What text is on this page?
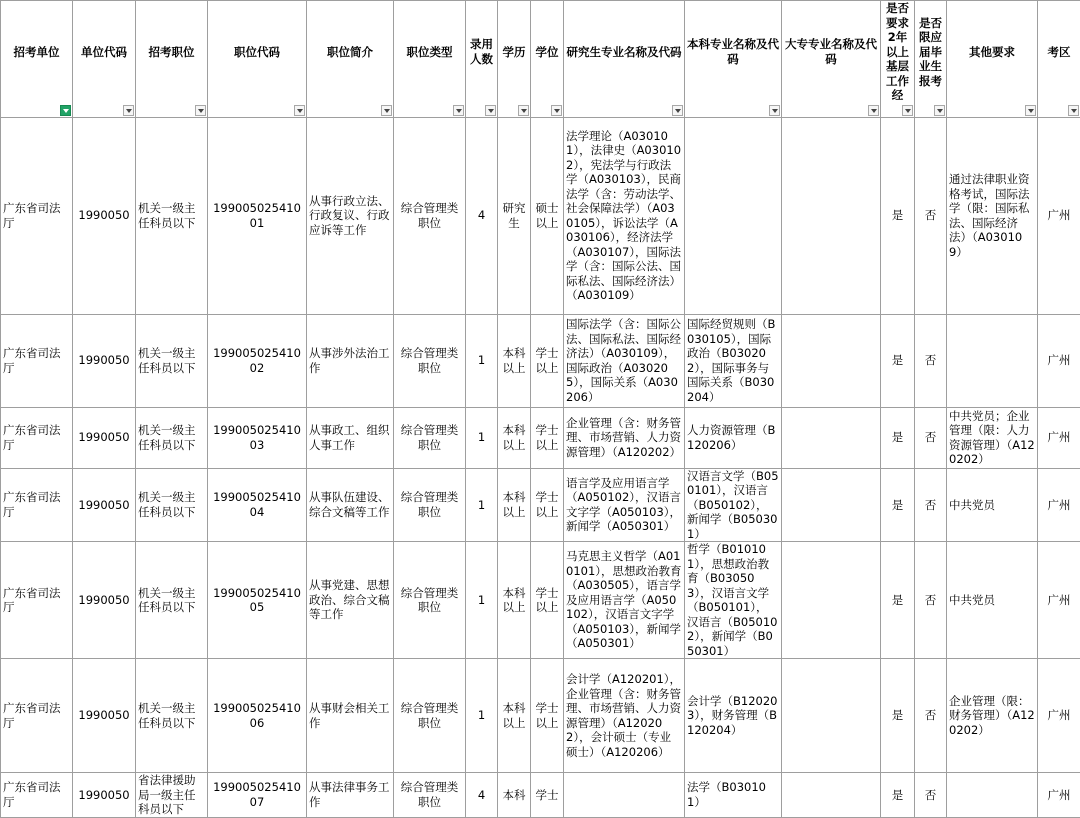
招考单位	单位代码	招考职位	职位代码	职位简介	职位类型	录用人数	学历	学位	研究生专业名称及代码	本科专业名称及代码	大专专业名称及代码	是否要求2年以上基层工作经	是否限应届毕业生报考	其他要求	考区

广东省司法厅	1990050	机关一级主任科员以下	19900502541001	从事行政立法、行政复议、行政应诉等工作	综合管理类职位	4	研究生	硕士以上	法学理论（A030101），法律史（A030102），宪法学与行政法学（A030103），民商法学（含：劳动法学、社会保障法学）（A030105），诉讼法学（A030106），经济法学（A030107），国际法学（含：国际公法、国际私法、国际经济法）（A030109）			是	否	通过法律职业资格考试，国际法学（限：国际私法、国际经济法）（A030109）	广州
广东省司法厅	1990050	机关一级主任科员以下	19900502541002	从事涉外法治工作	综合管理类职位	1	本科以上	学士以上	国际法学（含：国际公法、国际私法、国际经济法）（A030109），国际政治（A030205），国际关系（A030206）	国际经贸规则（B030105），国际政治（B030202），国际事务与国际关系（B030204）		是	否		广州
广东省司法厅	1990050	机关一级主任科员以下	19900502541003	从事政工、组织人事工作	综合管理类职位	1	本科以上	学士以上	企业管理（含：财务管理、市场营销、人力资源管理）（A120202）	人力资源管理（B120206）		是	否	中共党员；企业管理（限：人力资源管理）（A120202）	广州
广东省司法厅	1990050	机关一级主任科员以下	19900502541004	从事队伍建设、综合文稿等工作	综合管理类职位	1	本科以上	学士以上	语言学及应用语言学（A050102），汉语言文字学（A050103），新闻学（A050301）	汉语言文学（B050101），汉语言（B050102），新闻学（B050301）		是	否	中共党员	广州
广东省司法厅	1990050	机关一级主任科员以下	19900502541005	从事党建、思想政治、综合文稿等工作	综合管理类职位	1	本科以上	学士以上	马克思主义哲学（A010101），思想政治教育（A030505），语言学及应用语言学（A050102），汉语言文字学（A050103），新闻学（A050301）	哲学（B010101），思想政治教育（B030503），汉语言文学（B050101），汉语言（B050102），新闻学（B050301）		是	否	中共党员	广州
广东省司法厅	1990050	机关一级主任科员以下	19900502541006	从事财会相关工作	综合管理类职位	1	本科以上	学士以上	会计学（A120201），企业管理（含：财务管理、市场营销、人力资源管理）（A120202），会计硕士（专业硕士）（A120206）	会计学（B120203），财务管理（B120204）		是	否	企业管理（限：财务管理）（A120202）	广州
广东省司法厅	1990050	省法律援助局一级主任科员以下	19900502541007	从事法律事务工作	综合管理类职位	4	本科	学士		法学（B030101）		是	否		广州
